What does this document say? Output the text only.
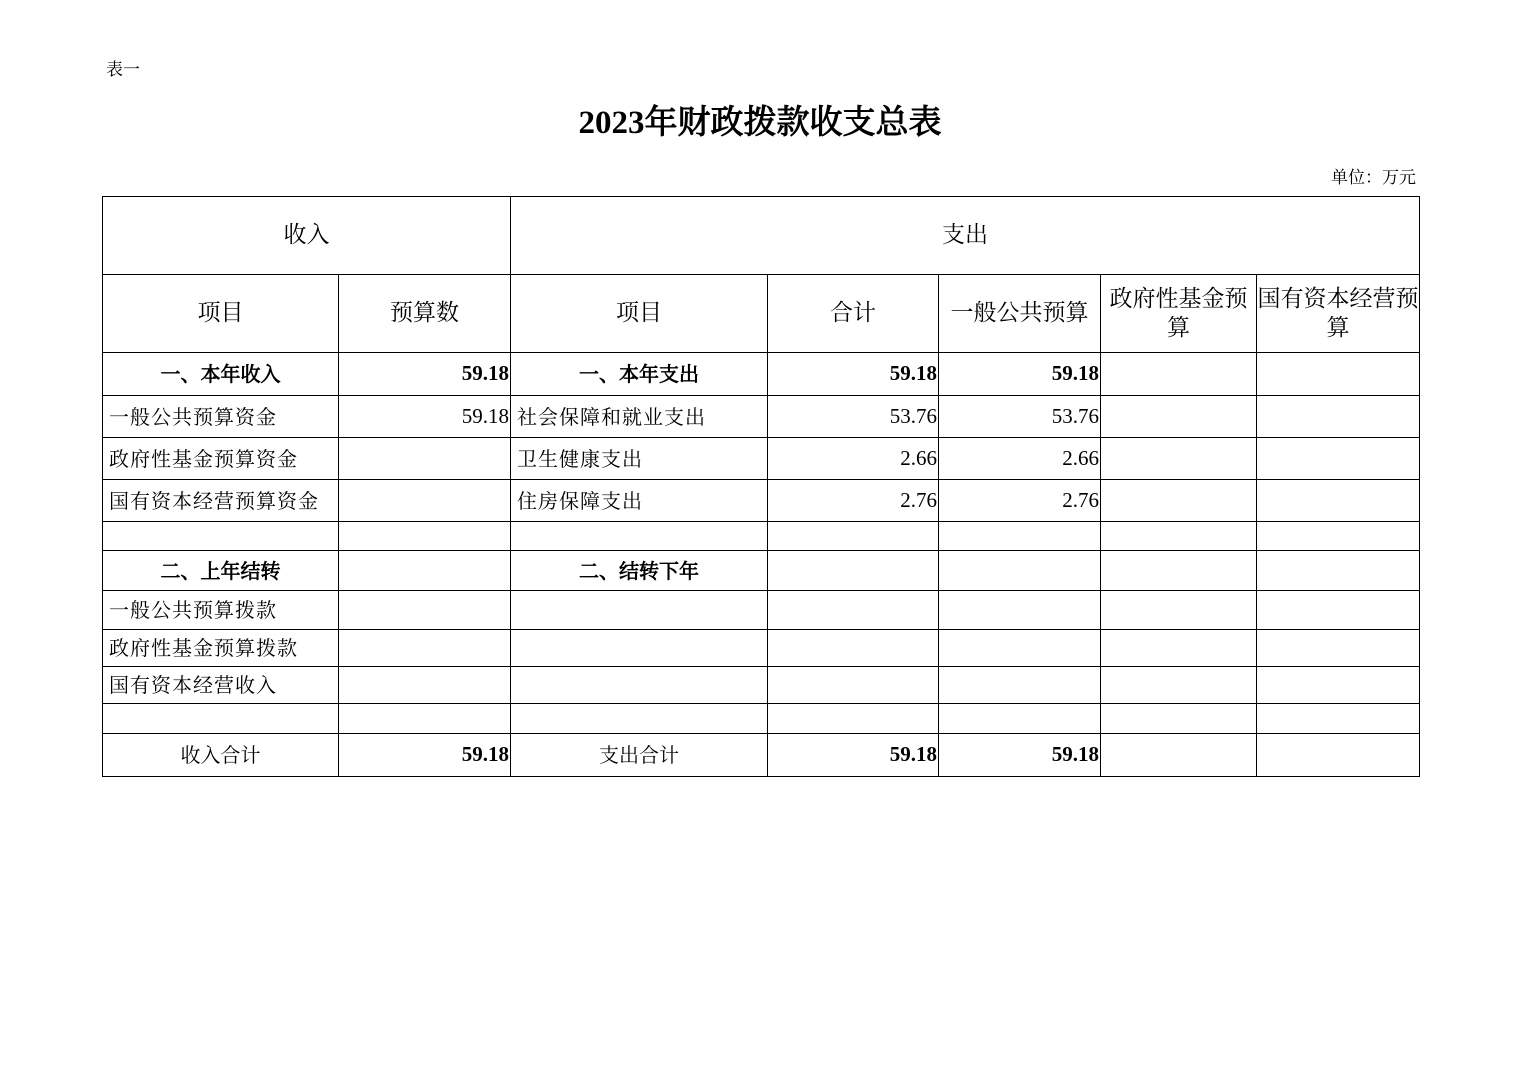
表一
2023年财政拨款收支总表
单位：万元
收入		支出				
项目	预算数	项目	合计	一般公共预算	政府性基金预算	国有资本经营预算
一、本年收入	59.18	一、本年支出	59.18	59.18		
一般公共预算资金	59.18	社会保障和就业支出	53.76	53.76		
政府性基金预算资金		卫生健康支出	2.66	2.66		
国有资本经营预算资金		住房保障支出	2.76	2.76		

二、上年结转		二、结转下年				
一般公共预算拨款						
政府性基金预算拨款						
国有资本经营收入						

收入合计	59.18	支出合计	59.18	59.18		
